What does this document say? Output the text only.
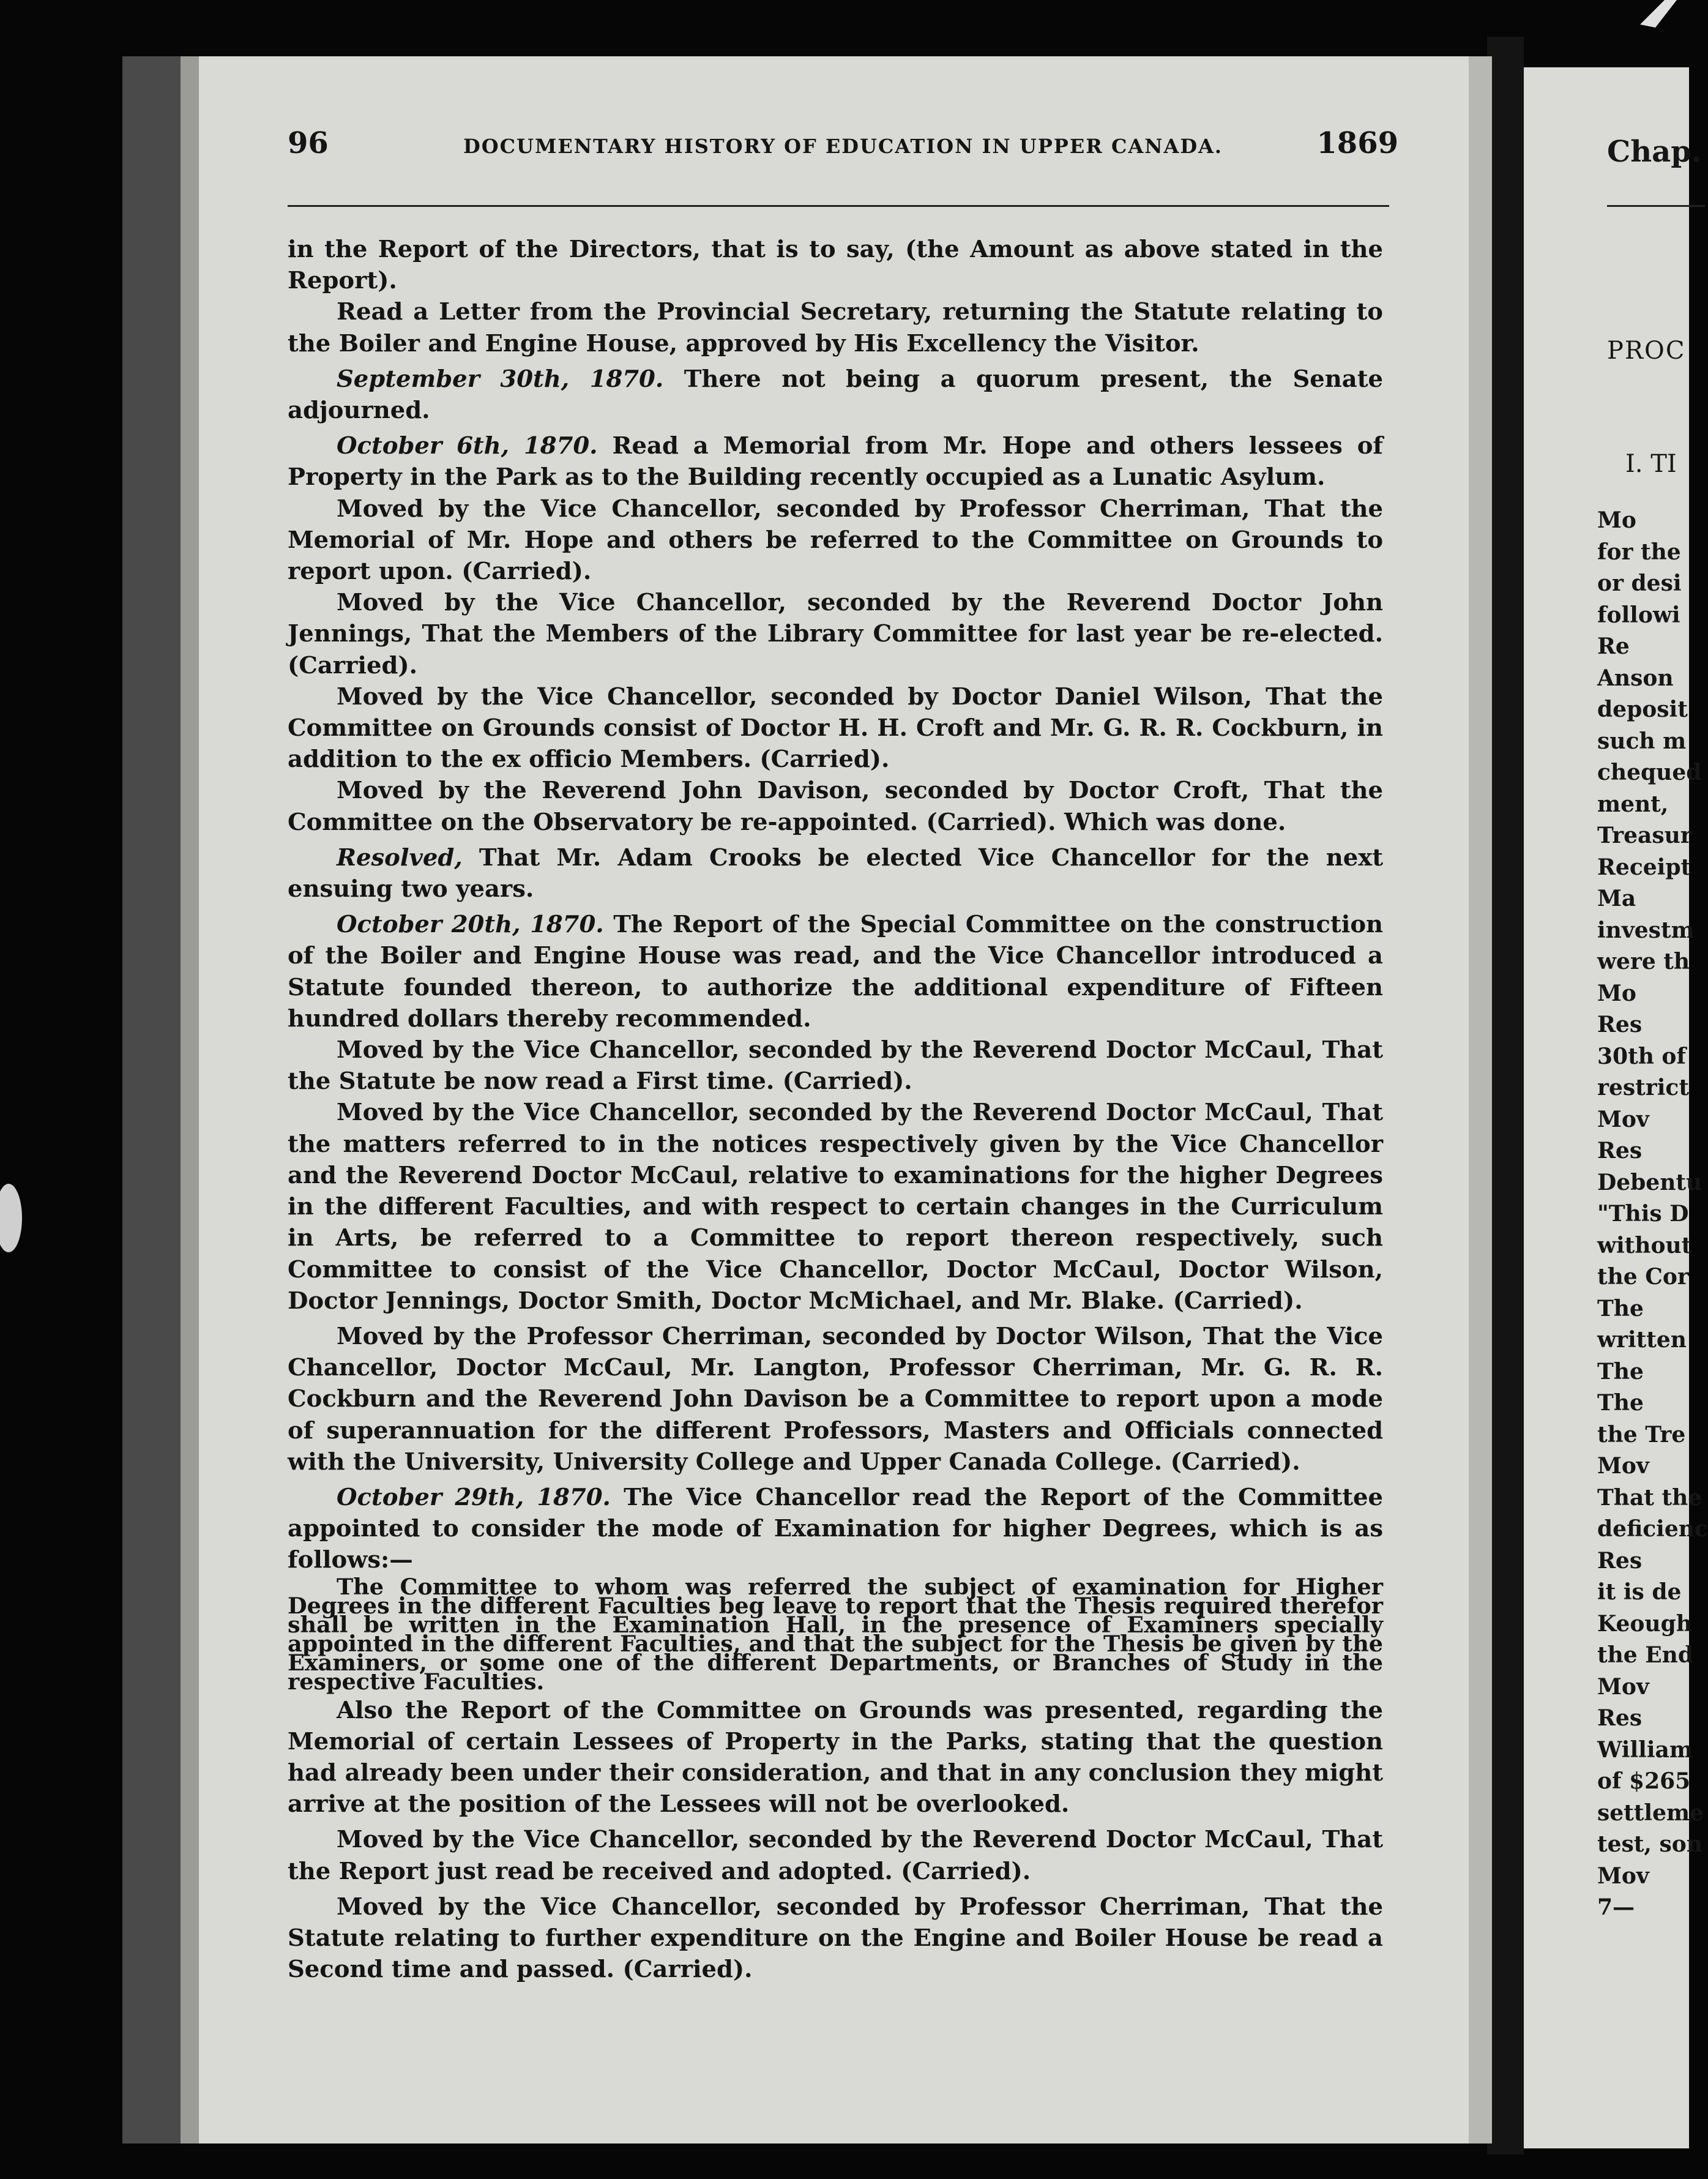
96	DOCUMENTARY HISTORY OF EDUCATION IN UPPER CANADA.	1869

in the Report of the Directors, that is to say, (the Amount as above stated in the Report).

Read a Letter from the Provincial Secretary, returning the Statute relating to the Boiler and Engine House, approved by His Excellency the Visitor.

September 30th, 1870. There not being a quorum present, the Senate adjourned.

October 6th, 1870. Read a Memorial from Mr. Hope and others lessees of Property in the Park as to the Building recently occupied as a Lunatic Asylum.

Moved by the Vice Chancellor, seconded by Professor Cherriman, That the Memorial of Mr. Hope and others be referred to the Committee on Grounds to report upon. (Carried).

Moved by the Vice Chancellor, seconded by the Reverend Doctor John Jennings, That the Members of the Library Committee for last year be re-elected. (Carried).

Moved by the Vice Chancellor, seconded by Doctor Daniel Wilson, That the Committee on Grounds consist of Doctor H. H. Croft and Mr. G. R. R. Cockburn, in addition to the ex officio Members. (Carried).

Moved by the Reverend John Davison, seconded by Doctor Croft, That the Committee on the Observatory be re-appointed. (Carried). Which was done.

Resolved, That Mr. Adam Crooks be elected Vice Chancellor for the next ensuing two years.

October 20th, 1870. The Report of the Special Committee on the construction of the Boiler and Engine House was read, and the Vice Chancellor introduced a Statute founded thereon, to authorize the additional expenditure of Fifteen hundred dollars thereby recommended.

Moved by the Vice Chancellor, seconded by the Reverend Doctor McCaul, That the Statute be now read a First time. (Carried).

Moved by the Vice Chancellor, seconded by the Reverend Doctor McCaul, That the matters referred to in the notices respectively given by the Vice Chancellor and the Reverend Doctor McCaul, relative to examinations for the higher Degrees in the different Faculties, and with respect to certain changes in the Curriculum in Arts, be referred to a Committee to report thereon respectively, such Committee to consist of the Vice Chancellor, Doctor McCaul, Doctor Wilson, Doctor Jennings, Doctor Smith, Doctor McMichael, and Mr. Blake. (Carried).

Moved by the Professor Cherriman, seconded by Doctor Wilson, That the Vice Chancellor, Doctor McCaul, Mr. Langton, Professor Cherriman, Mr. G. R. R. Cockburn and the Reverend John Davison be a Committee to report upon a mode of superannuation for the different Professors, Masters and Officials connected with the University, University College and Upper Canada College. (Carried).

October 29th, 1870. The Vice Chancellor read the Report of the Committee appointed to consider the mode of Examination for higher Degrees, which is as follows:—

The Committee to whom was referred the subject of examination for Higher Degrees in the different Faculties beg leave to report that the Thesis required therefor shall be written in the Examination Hall, in the presence of Examiners specially appointed in the different Faculties, and that the subject for the Thesis be given by the Examiners, or some one of the different Departments, or Branches of Study in the respective Faculties.

Also the Report of the Committee on Grounds was presented, regarding the Memorial of certain Lessees of Property in the Parks, stating that the question had already been under their consideration, and that in any conclusion they might arrive at the position of the Lessees will not be overlooked.

Moved by the Vice Chancellor, seconded by the Reverend Doctor McCaul, That the Report just read be received and adopted. (Carried).

Moved by the Vice Chancellor, seconded by Professor Cherriman, That the Statute relating to further expenditure on the Engine and Boiler House be read a Second time and passed. (Carried).

Chap.
PROC
I. TI
Mo
for the
or desi
followi
Re
Anson
deposit
such m
chequed
ment,
Treasur
Receipt
Ma
investm
were th
Mo
Res
30th of
restrict
Mov
Res
Debentu
"This D
without
the Cor
The
written
The
The
the Tre
Mov
That the
deficienc
Res
it is de
Keough
the End
Mov
Res
William
of $265
settleme
test, son
Mov
7—
